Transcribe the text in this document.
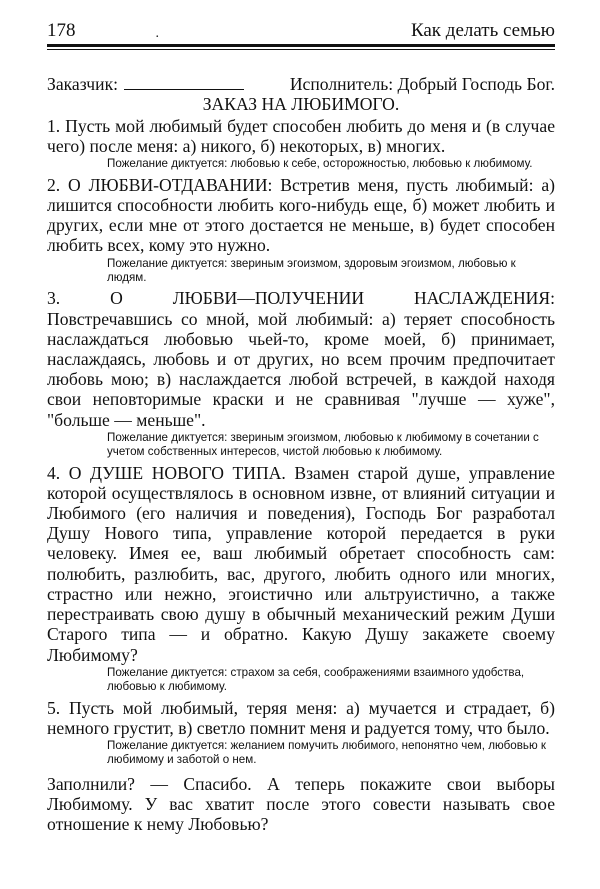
178	.	Как делать семью
Заказчик:	Исполнитель: Добрый Господь Бог.

ЗАКАЗ НА ЛЮБИМОГО.

1. Пусть мой любимый будет способен любить до меня и (в случае чего) после меня: а) никого, б) некоторых, в) многих.

Пожелание диктуется: любовью к себе, осторожностью, любовью к любимому.

2. О ЛЮБВИ-ОТДАВАНИИ: Встретив меня, пусть любимый: а) лишится способности любить кого-нибудь еще, б) может любить и других, если мне от этого достается не меньше, в) будет способен любить всех, кому это нужно.

Пожелание диктуется: звериным эгоизмом, здоровым эгоизмом, любовью к людям.

3. О ЛЮБВИ—ПОЛУЧЕНИИ НАСЛАЖДЕНИЯ:

Повстречавшись со мной, мой любимый: а) теряет способность наслаждаться любовью чьей-то, кроме моей, б) принимает, наслаждаясь, любовь и от других, но всем прочим предпочитает любовь мою; в) наслаждается любой встречей, в каждой находя свои неповторимые краски и не сравнивая "лучше — хуже", "больше — меньше".

Пожелание диктуется: звериным эгоизмом, любовью к любимому в сочетании с учетом собственных интересов, чистой любовью к любимому.

4. О ДУШЕ НОВОГО ТИПА. Взамен старой душе, управление которой осуществлялось в основном извне, от влияний ситуации и Любимого (его наличия и поведения), Господь Бог разработал Душу Нового типа, управление которой передается в руки человеку. Имея ее, ваш любимый обретает способность сам: полюбить, разлюбить, вас, другого, любить одного или многих, страстно или нежно, эгоистично или альтруистично, а также перестраивать свою душу в обычный механический режим Души Старого типа — и обратно. Какую Душу закажете своему Любимому?

Пожелание диктуется: страхом за себя, соображениями взаимного удобства, любовью к любимому.

5. Пусть мой любимый, теряя меня: а) мучается и страдает, б) немного грустит, в) светло помнит меня и радуется тому, что было.

Пожелание диктуется: желанием помучить любимого, непонятно чем, любовью к любимому и заботой о нем.

Заполнили? — Спасибо. А теперь покажите свои выборы Любимому. У вас хватит после этого совести называть свое отношение к нему Любовью?
